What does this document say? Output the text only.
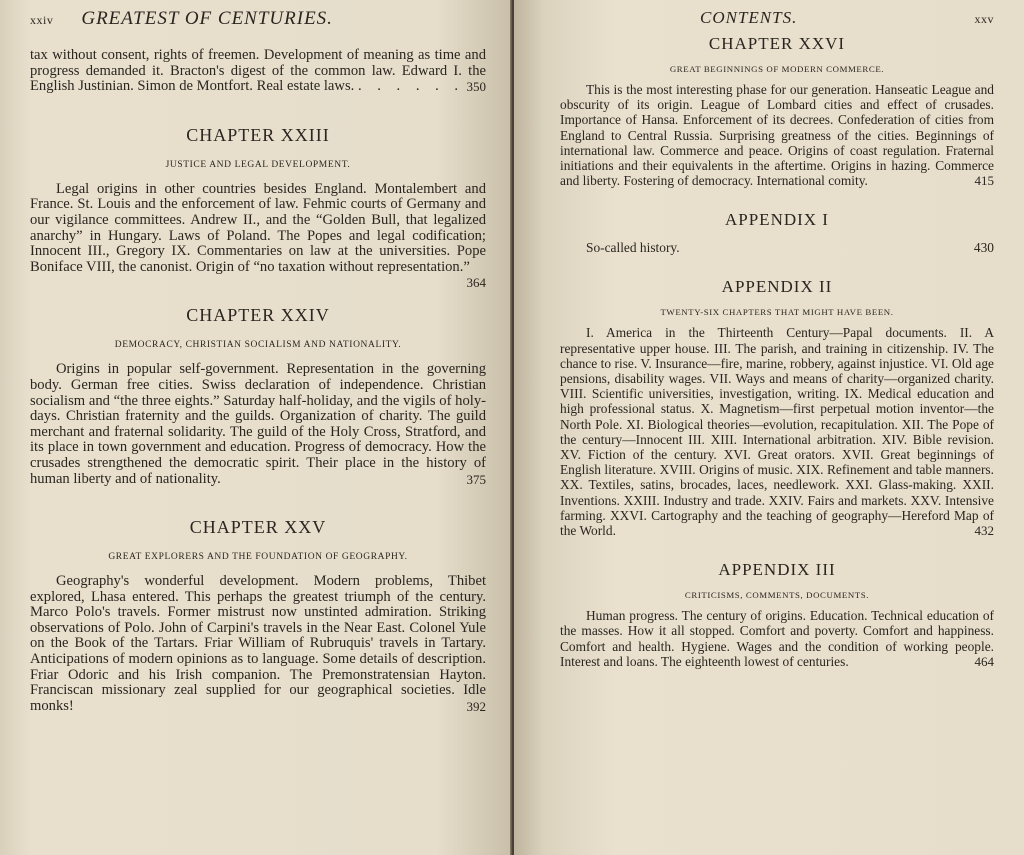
xxiv GREATEST OF CENTURIES.

tax without consent, rights of freemen. Development of meaning as time and progress demanded it. Bracton's digest of the common law. Edward I. the English Justinian. Simon de Montfort. Real estate laws. . . . . . . 350

CHAPTER XXIII
JUSTICE AND LEGAL DEVELOPMENT.

Legal origins in other countries besides England. Montalembert and France. St. Louis and the enforcement of law. Fehmic courts of Germany and our vigilance committees. Andrew II., and the “Golden Bull, that legalized anarchy” in Hungary. Laws of Poland. The Popes and legal codification; Innocent III., Gregory IX. Commentaries on law at the universities. Pope Boniface VIII, the canonist. Origin of “no taxation without representation.”
364

CHAPTER XXIV
DEMOCRACY, CHRISTIAN SOCIALISM AND NATIONALITY.

Origins in popular self-government. Representation in the governing body. German free cities. Swiss declaration of independence. Christian socialism and “the three eights.” Saturday half-holiday, and the vigils of holy-days. Christian fraternity and the guilds. Organization of charity. The guild merchant and fraternal solidarity. The guild of the Holy Cross, Stratford, and its place in town government and education. Progress of democracy. How the crusades strengthened the democratic spirit. Their place in the history of human liberty and of nationality.	375

CHAPTER XXV
GREAT EXPLORERS AND THE FOUNDATION OF GEOGRAPHY.

Geography's wonderful development. Modern problems, Thibet explored, Lhasa entered. This perhaps the greatest triumph of the century. Marco Polo's travels. Former mistrust now unstinted admiration. Striking observations of Polo. John of Carpini's travels in the Near East. Colonel Yule on the Book of the Tartars. Friar William of Rubruquis' travels in Tartary. Anticipations of modern opinions as to language. Some details of description. Friar Odoric and his Irish companion. The Premonstratensian Hayton. Franciscan missionary zeal supplied for our geographical societies. Idle monks!	392

CONTENTS.	xxv
CHAPTER XXVI
GREAT BEGINNINGS OF MODERN COMMERCE.

This is the most interesting phase for our generation. Hanseatic League and obscurity of its origin. League of Lombard cities and effect of crusades. Importance of Hansa. Enforcement of its decrees. Confederation of cities from England to Central Russia. Surprising greatness of the cities. Beginnings of international law. Commerce and peace. Origins of coast regulation. Fraternal initiations and their equivalents in the aftertime. Origins in hazing. Commerce and liberty. Fostering of democracy. International comity.	415

APPENDIX I
So-called history.	430
APPENDIX II
TWENTY-SIX CHAPTERS THAT MIGHT HAVE BEEN.

I. America in the Thirteenth Century—Papal documents. II. A representative upper house. III. The parish, and training in citizenship. IV. The chance to rise. V. Insurance—fire, marine, robbery, against injustice. VI. Old age pensions, disability wages. VII. Ways and means of charity—organized charity. VIII. Scientific universities, investigation, writing. IX. Medical education and high professional status. X. Magnetism—first perpetual motion inventor—the North Pole. XI. Biological theories—evolution, recapitulation. XII. The Pope of the century—Innocent III. XIII. International arbitration. XIV. Bible revision. XV. Fiction of the century. XVI. Great orators. XVII. Great beginnings of English literature. XVIII. Origins of music. XIX. Refinement and table manners. XX. Textiles, satins, brocades, laces, needlework. XXI. Glass-making. XXII. Inventions. XXIII. Industry and trade. XXIV. Fairs and markets. XXV. Intensive farming. XXVI. Cartography and the teaching of geography—Hereford Map of the World.	432

APPENDIX III
CRITICISMS, COMMENTS, DOCUMENTS.

Human progress. The century of origins. Education. Technical education of the masses. How it all stopped. Comfort and poverty. Comfort and happiness. Comfort and health. Hygiene. Wages and the condition of working people. Interest and loans. The eighteenth lowest of centuries.	464
